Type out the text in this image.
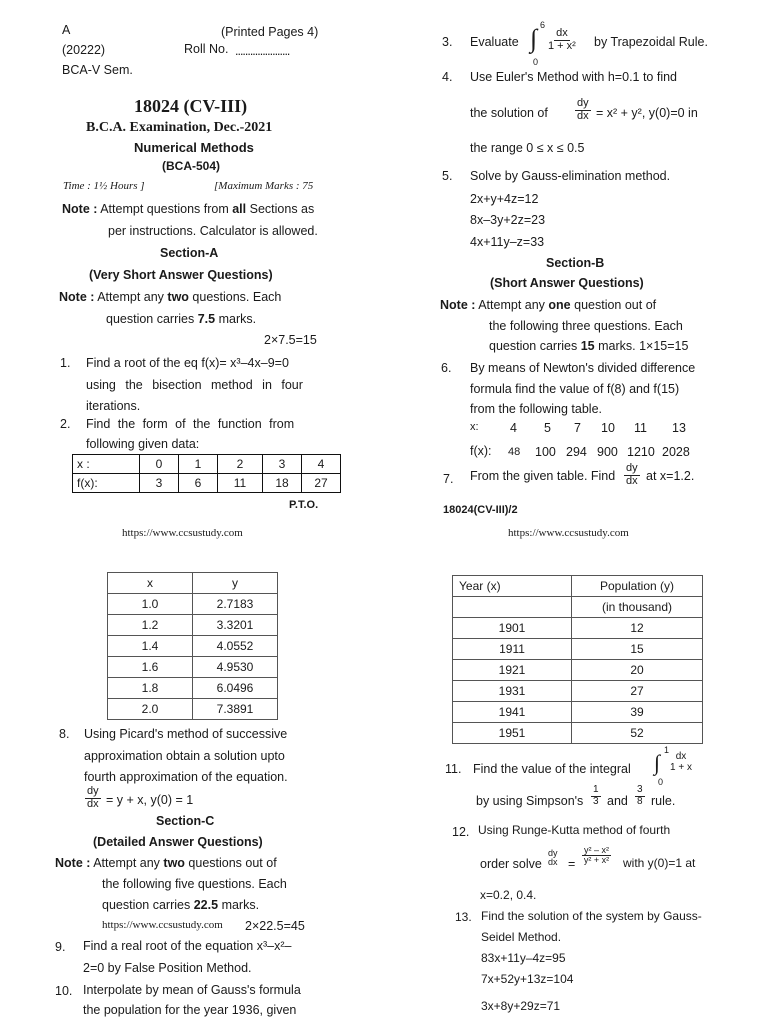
A	(Printed Pages 4)
(20222)	Roll No. ......................
BCA-V Sem.
18024 (CV-III)
B.C.A. Examination, Dec.-2021
Numerical Methods
(BCA-504)
Time : 1½ Hours ]	[Maximum Marks : 75
Note : Attempt questions from all Sections as
per instructions. Calculator is allowed.
Section-A
(Very Short Answer Questions)
Note : Attempt any two questions. Each
question carries 7.5 marks.
2×7.5=15
1. Find a root of the eq f(x)= x³–4x–9=0
using the bisection method in four
iterations.
2. Find the form of the function from
following given data:
x :	0	1	2	3	4
f(x):	3	6	11	18	27
P.T.O.
https://www.ccsustudy.com
3. Evaluate ∫ 6
0
$\frac{dx}{\text{1 + x²}}$ by Trapezoidal Rule.
4. Use Euler's Method with h=0.1 to find
the solution of $\frac{dy}{dx} = x^2 + y^2$, y(0)=0 in
the range 0 ≤ x ≤ 0.5
5. Solve by Gauss-elimination method.
2x+y+4z=12
8x–3y+2z=23
4x+11y–z=33
Section-B
(Short Answer Questions)
Note : Attempt any one question out of
the following three questions. Each
question carries 15 marks. 1×15=15
6. By means of Newton's divided difference
formula find the value of f(8) and f(15)
from the following table.
x:	4 5 7 10 11 13
f(x): 48 100 294 900 1210 2028
7. From the given table. Find $\frac{dy}{dx}$ at x=1.2.
18024(CV-III)/2
https://www.ccsustudy.com
x	y
1.0	2.7183
1.2	3.3201
1.4	4.0552
1.6	4.9530
1.8	6.0496
2.0	7.3891
8. Using Picard's method of successive
approximation obtain a solution upto
fourth approximation of the equation.
$\frac{dy}{dx} = y + x$, y(0) = 1
Section-C
(Detailed Answer Questions)
Note : Attempt any two questions out of
the following five questions. Each
question carries 22.5 marks.
https://www.ccsustudy.com 2×22.5=45
9. Find a real root of the equation x³–x²–
2=0 by False Position Method.
10. Interpolate by mean of Gauss's formula
the population for the year 1936, given
Year (x)	Population (y)
	(in thousand)
1901	12
1911	15
1921	20
1931	27
1941	39
1951	52
11. Find the value of the integral ∫ 1
0
dx
1 + x
by using Simpson's $\frac{1}{3}$ and $\frac{3}{8}$ rule.
12. Using Runge-Kutta method of fourth
order solve
dy
dx	$\frac{\text{y² – x²}}{\text{y² + x²}}$
=	with y(0)=1 at
x=0.2, 0.4.
13. Find the solution of the system by Gauss-
Seidel Method.
83x+11y–4z=95
7x+52y+13z=104
3x+8y+29z=71
